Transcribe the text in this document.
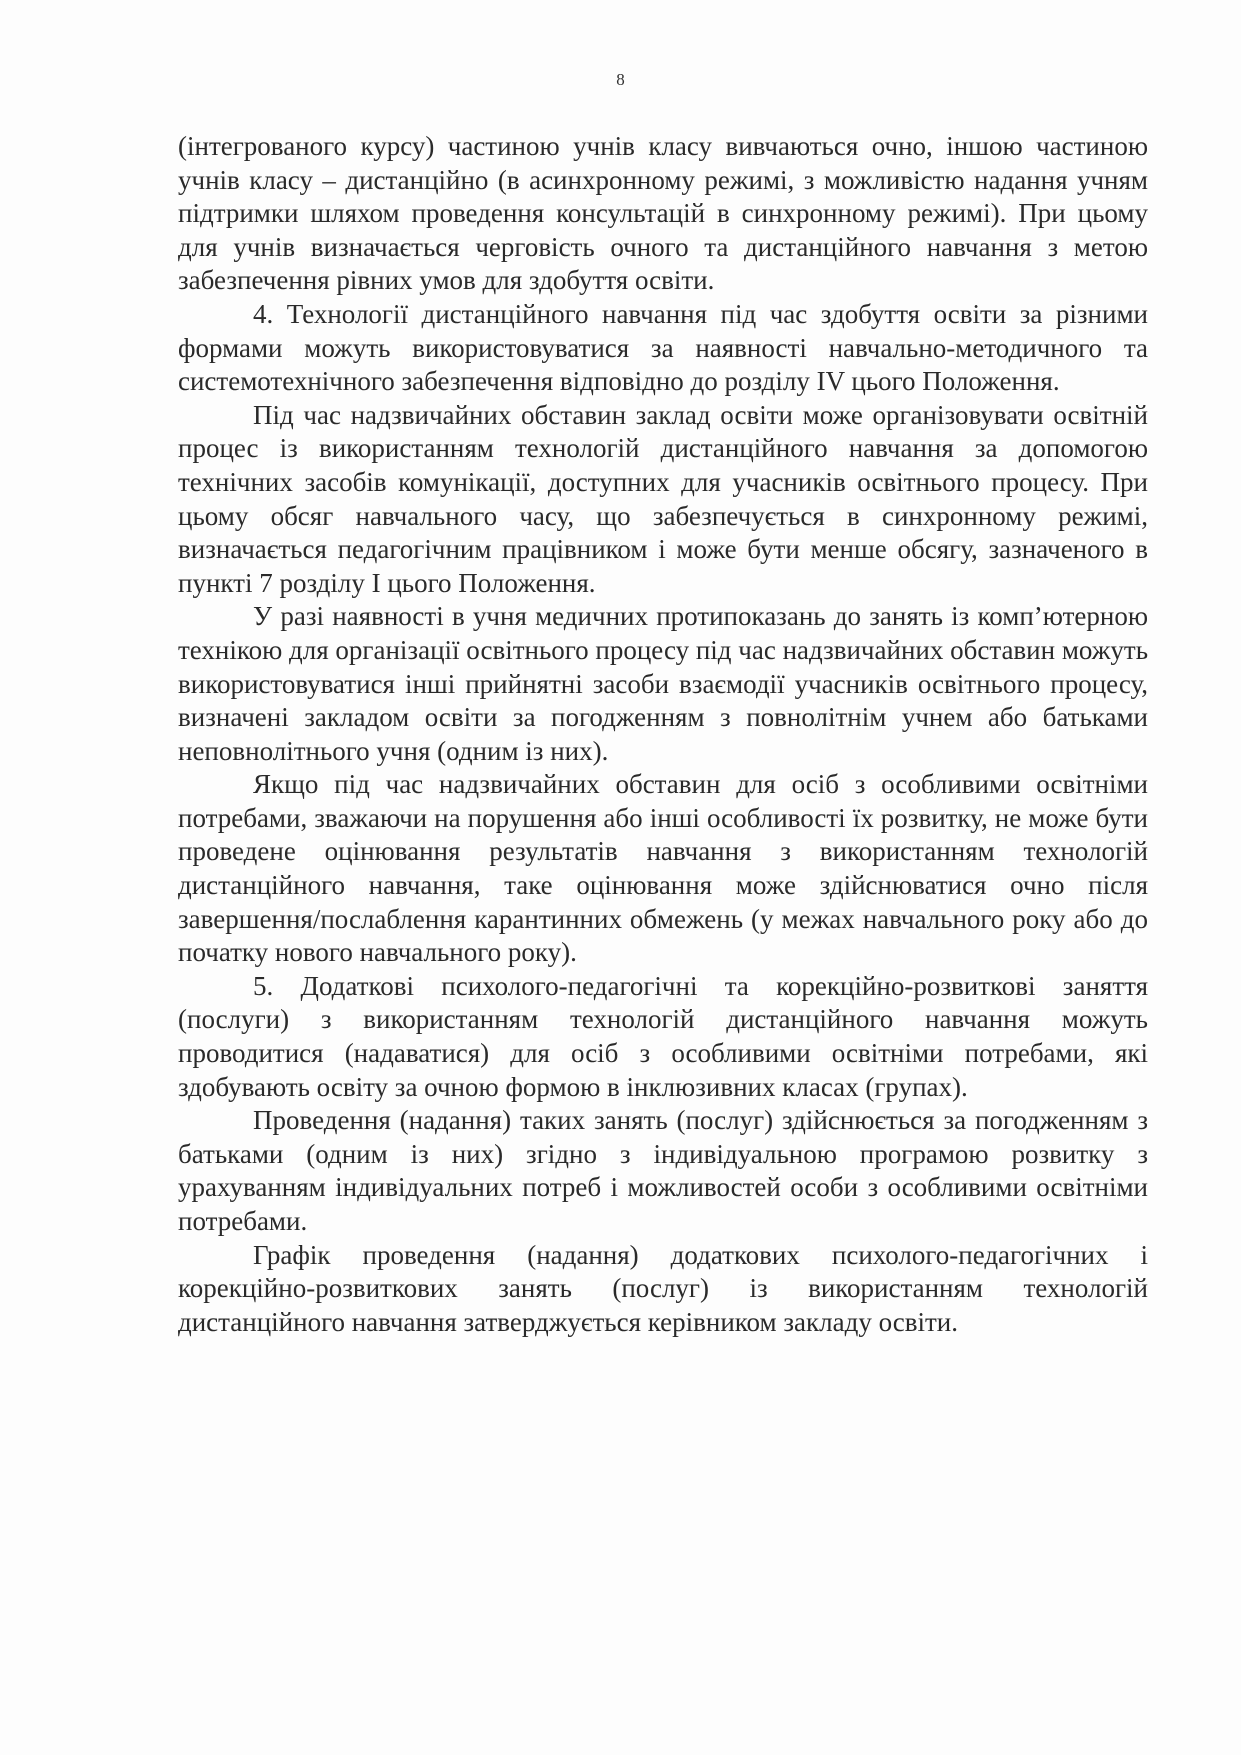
8

(інтегрованого курсу) частиною учнів класу вивчаються очно, іншою частиною учнів класу – дистанційно (в асинхронному режимі, з можливістю надання учням підтримки шляхом проведення консультацій в синхронному режимі). При цьому для учнів визначається черговість очного та дистанційного навчання з метою забезпечення рівних умов для здобуття освіти.

4. Технології дистанційного навчання під час здобуття освіти за різними формами можуть використовуватися за наявності навчально-методичного та системотехнічного забезпечення відповідно до розділу IV цього Положення.

Під час надзвичайних обставин заклад освіти може організовувати освітній процес із використанням технологій дистанційного навчання за допомогою технічних засобів комунікації, доступних для учасників освітнього процесу. При цьому обсяг навчального часу, що забезпечується в синхронному режимі, визначається педагогічним працівником і може бути менше обсягу, зазначеного в пункті 7 розділу I цього Положення.

У разі наявності в учня медичних протипоказань до занять із комп’ютерною технікою для організації освітнього процесу під час надзвичайних обставин можуть використовуватися інші прийнятні засоби взаємодії учасників освітнього процесу, визначені закладом освіти за погодженням з повнолітнім учнем або батьками неповнолітнього учня (одним із них).

Якщо під час надзвичайних обставин для осіб з особливими освітніми потребами, зважаючи на порушення або інші особливості їх розвитку, не може бути проведене оцінювання результатів навчання з використанням технологій дистанційного навчання, таке оцінювання може здійснюватися очно після завершення/послаблення карантинних обмежень (у межах навчального року або до початку нового навчального року).

5. Додаткові психолого-педагогічні та корекційно-розвиткові заняття (послуги) з використанням технологій дистанційного навчання можуть проводитися (надаватися) для осіб з особливими освітніми потребами, які здобувають освіту за очною формою в інклюзивних класах (групах).

Проведення (надання) таких занять (послуг) здійснюється за погодженням з батьками (одним із них) згідно з індивідуальною програмою розвитку з урахуванням індивідуальних потреб і можливостей особи з особливими освітніми потребами.

Графік проведення (надання) додаткових психолого-педагогічних і корекційно-розвиткових занять (послуг) із використанням технологій дистанційного навчання затверджується керівником закладу освіти.
